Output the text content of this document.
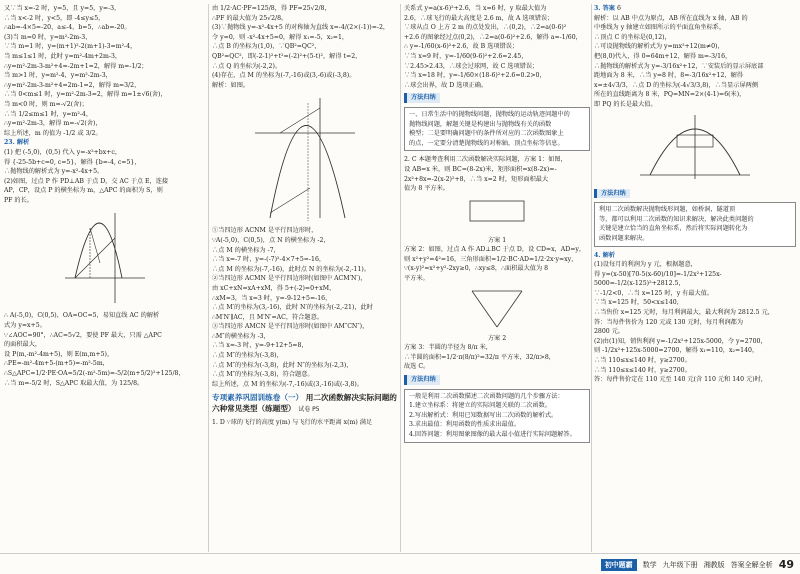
又∵当 x=-2 时，y=5，且 y=5，y=-3，
∴当 x<-2 时，y<5，即 -4≤y≤5，
∴ab=-4×5=-20，a≤-4，b=5，∴ab=-20。
(3)当 m=0 时，y=m²-2m-3，
∵当 m=1 时，y=(m+1)²-2(m+1)-3=m²-4，
当 m≤1≤1 时，此时 y=m²-4m+2m-3，
∴y=m²-2m-3-m²+4=-2m+1=2，解得 m=-1/2；
当 m>1 时，y=m²-4，y=m²-2m-3，
∴y=m²-2m-3-m²+4=2m-1=2，解得 m=3/2，
∴当 0<m≤1 时，y=m²-2m-3=2，解得 m=1±√6(舍)，
当 m<0 时，则 m=-√2(舍)；
∴当 1/2≤m≤1 时，y=m²-4，
∴y=m²-2m-3，解得 m=-√2(舍)，
综上所述，m 的值为 -1/2 或 3/2。
23. 解析
(1) 把 (-5,0)，(0,5) 代入 y=-x²+bx+c，
得 {-25-5b+c=0, c=5}，解得 {b=-4, c=5}，
∴抛物线的解析式为 y=-x²-4x+5。
(2)如图，过点 P 作 PD⊥AB 于点 D，交 AC 于点 E，连接
AP，CP，设点 P 的横坐标为 m，△APC 的面积为 S，则
PF 的长。
∴ A(-5,0)，C(0,5)，OA=OC=5，易知直线 AC 的解析
式为 y=x+5。
∵∠AOC=90°，∴AC=5√2，要使 PF 最大，只需 △APC
的面积最大，
设 P(m,-m²-4m+5)，则 E(m,m+5)，
∴PE=-m²-4m+5-(m+5)=-m²-5m，
∴S△APC=1/2·PE·OA=5/2(-m²-5m)=-5/2(m+5/2)²+125/8，
∴当 m=-5/2 时，S△APC 取最大值，为 125/8。
由 1/2·AC·PF=125/8，得 PF=25√2/8，
∴PF 的最大值为 25√2/8。
(3)∵抛物线 y=-x²-4x+5 的对称轴为直线 x=-4/(2×(-1))=-2，
令 y=0，则 -x²-4x+5=0，解得 x₁=-5，x₂=1，
∴点 B 的坐标为(1,0)，∵QB²=QC²，
QB²=QC²，即(-2-1)²+t²=(-2)²+(5-t)²，解得 t=2，
∴点 Q 的坐标为(-2,2)。
(4)存在，点 M 的坐标为(-7,-16)或(3,-6)或(-3,8)。
解析：如图。
①当四边形 ACNM 是平行四边形时，
∵A(-5,0)，C(0,5)，点 N 的横坐标为 -2，
∴点 M 的横坐标为 -7，
∴当 x=-7 时，y=-(-7)²-4×7+5=-16，
∴点 M 的坐标为(-7,-16)，此时点 N 的坐标为(-2,-11)。
②当四边形 ACMN 是平行四边形时(如图中 ACM′N′)，
由 xC+xN=xA+xM，得 5+(-2)=0+xM，
∴xM=3，当 x=3 时，y=-9-12+5=-16，
∴点 M′的坐标为(3,-16)，此时 N′的坐标为(-2,-21)，此时
∴M′N′∥AC，且 M′N′=AC，符合题意。
③当四边形 AMCN 是平行四边形时(如图中 AM″CN″)，
∴M″的横坐标为 -3，
∴当 x=-3 时，y=-9+12+5=8，
∴点 M″的坐标为(-3,8)，
∴点 M″的坐标为(-3,8)，此时 N″的坐标为(-2,3)，
∴点 M″的坐标为(-3,8)，符合题意。
综上所述，点 M 的坐标为(-7,-16)或(3,-16)或(-3,8)。
专项素养巩固训练卷（一） 用二次函数解决实际问题的六种常见类型（练题型） 试卷 P5
1. D ∵球的飞行的高度 y(m) 与飞行的水平距离 x(m) 满足
关系式 y=a(x-6)²+2.6，当 x=6 时，y 取最大值为
2.6，∴球飞行的最大高度是 2.6 m，故 A 选项错误；
∵球从点 O 上方 2 m 的点处发出，∴(0,2)，∴2=a(0-6)²
+2.6 的图象经过点(0,2)，∴2=a(0-6)²+2.6，解得 a=-1/60，
∴ y=-1/60(x-6)²+2.6，故 B 选项错误；
∵当 x=9 时，y=-1/60(9-6)²+2.6=2.45，
∵2.45>2.43，∴球会过球网，故 C 选项错误；
∵当 x=18 时，y=-1/60×(18-6)²+2.6=0.2>0，
∴球会出界，故 D 选项正确。
方法归纳
一、日常生活中的抛物线问题，抛物线的运动轨迹问题中的
抛物线问题，解题关键是构建出与抛物线有关的函数
模型；二是要明确问题中的条件所对应的二次函数图象上
的点，一定要分清楚抛物线的对称轴，顶点坐标等信息。
2. C 本题考查利用二次函数解决实际问题，方案 1：如图，
设 AB=x 米，则 BC=(8-2x)米，矩形面积=x(8-2x)=-
2x²+8x=-2(x-2)²+8，∴当 x=2 时，矩形面积最大
值为 8 平方米。
方案 1
方案 2：如图，过点 A 作 AD⊥BC 于点 D，设 CD=x，AD=y，
则 x²+y²=4²=16，三角形面积=1/2·BC·AD=1/2·2x·y=xy，
∵(x-y)²=x²+y²-2xy≥0，∴xy≤8，∴面积最大值为 8
平方米。
方案 2
方案 3：半圆的半径为 8/π 米，
∴半圆的面积=1/2·π(8/π)²=32/π 平方米，32/π>8，
故选 C。
方法归纳
一般是利用二次函数描述二次函数问题的几个步骤方法：
1.建立坐标系：将建立的实际问题关联的二次函数。
2.写出解析式：利用已知数据写出二次函数的解析式。
3.求出最值：利用函数的性质求出最值。
4.回答问题：利用图象图像的最大最小值进行实际问题解答。
3. 答案 6
解析：以 AB 中点为原点，AB 所在直线为 x 轴，AB 的
中垂线为 y 轴建立如图所示的平面直角坐标系，
∴顶点 C 的坐标是(0,12)，
∴可设抛物线的解析式为 y=mx²+12(m≠0)，
把(8,0)代入，得 0=64m+12，解得 m=-3/16，
∴抛物线的解析式为 y=-3/16x²+12，∵安装后的显示屏底部
距地面为 8 米，∴当 y=8 时，8=-3/16x²+12，解得
x=±4√3/3，∴点 D 的坐标为(-4√3/3,8)，∴当显示屏两侧
所在的直线距离为 8 米，PQ=MN=2×(4-1)=6(米)，
即 PQ 的长是最大值。
方法归纳
利用二次函数解决抛物线形问题，如桥洞，隧道顶
等，都可以利用二次函数的知识来解决，解决此类问题的
关键是建立恰当的直角坐标系，然后将实际问题转化为
函数问题来解决。
4. 解析
(1)设每月的利润为 y 元，根据题意，
得 y=(x-50)[70-5(x-60)/10]=-1/2x²+125x-
5000=-1/2(x-125)²+2812.5，
∵-1/2<0，∴当 x=125 时，y 有最大值。
∵当 x=125 时，50<x≤140，
∴当售价 x=125 元时，每月利润最大，最大利润为 2812.5 元，
答：当每件售价为 120 元或 130 元时，每月利润都为
2800 元。
(2)由(1)知，销售利润 y=-1/2x²+125x-5000，令 y=2700，
则 -1/2x²+125x-5000=2700，解得 x₁=110，x₂=140，
∴当 110≤x≤140 时，y≥2700。
∴当 110≤x≤140 时，y≥2700。
答：每件售价定在 110 元至 140 元(含 110 元和 140 元)时，
初中题霸	数学 九年级下册 湘教版 答案全解全析 49
